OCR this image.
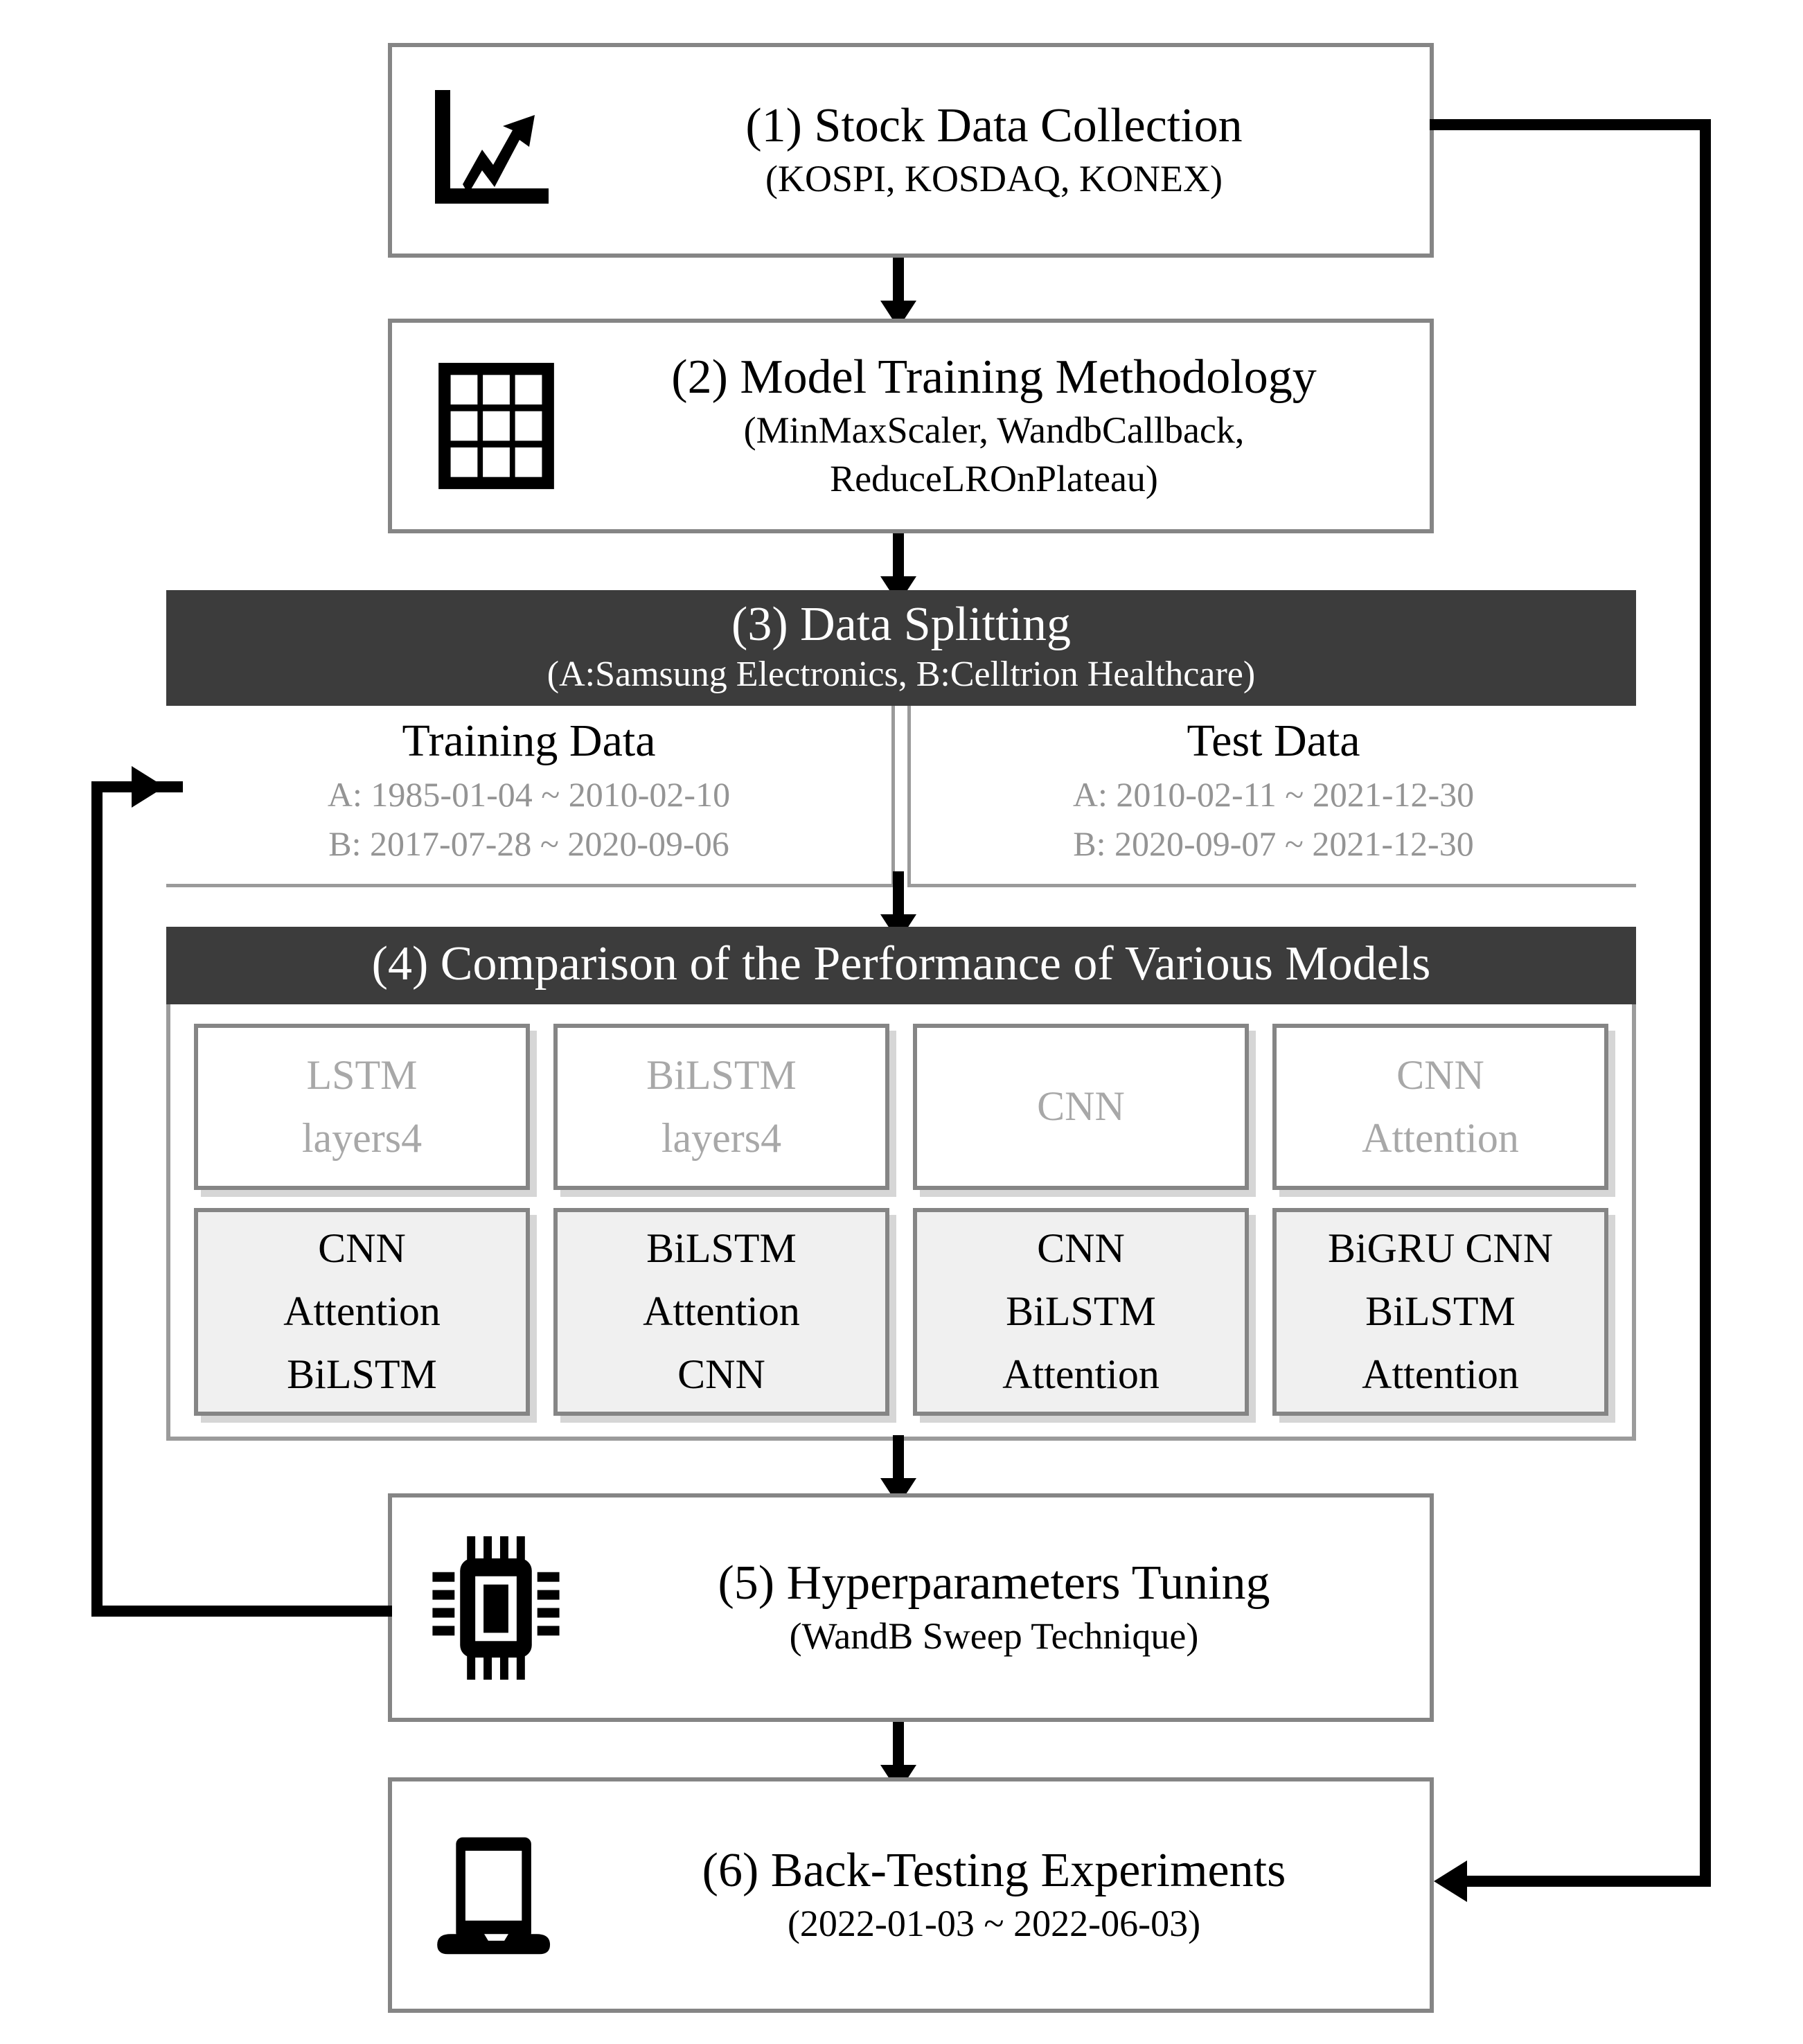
(1) Stock Data Collection
(KOSPI, KOSDAQ, KONEX)
(2) Model Training Methodology
(MinMaxScaler, WandbCallback,
ReduceLROnPlateau)
(3) Data Splitting
(A:Samsung Electronics, B:Celltrion Healthcare)
Training Data
A: 1985-01-04 ~ 2010-02-10
B: 2017-07-28 ~ 2020-09-06
Test Data
A: 2010-02-11 ~ 2021-12-30
B: 2020-09-07 ~ 2021-12-30
(4) Comparison of the Performance of Various Models
LSTM
layers4
BiLSTM
layers4
CNN
CNN
Attention
CNN
Attention
BiLSTM
BiLSTM
Attention
CNN
CNN
BiLSTM
Attention
BiGRU CNN
BiLSTM
Attention
(5) Hyperparameters Tuning
(WandB Sweep Technique)
(6) Back-Testing Experiments
(2022-01-03 ~ 2022-06-03)
